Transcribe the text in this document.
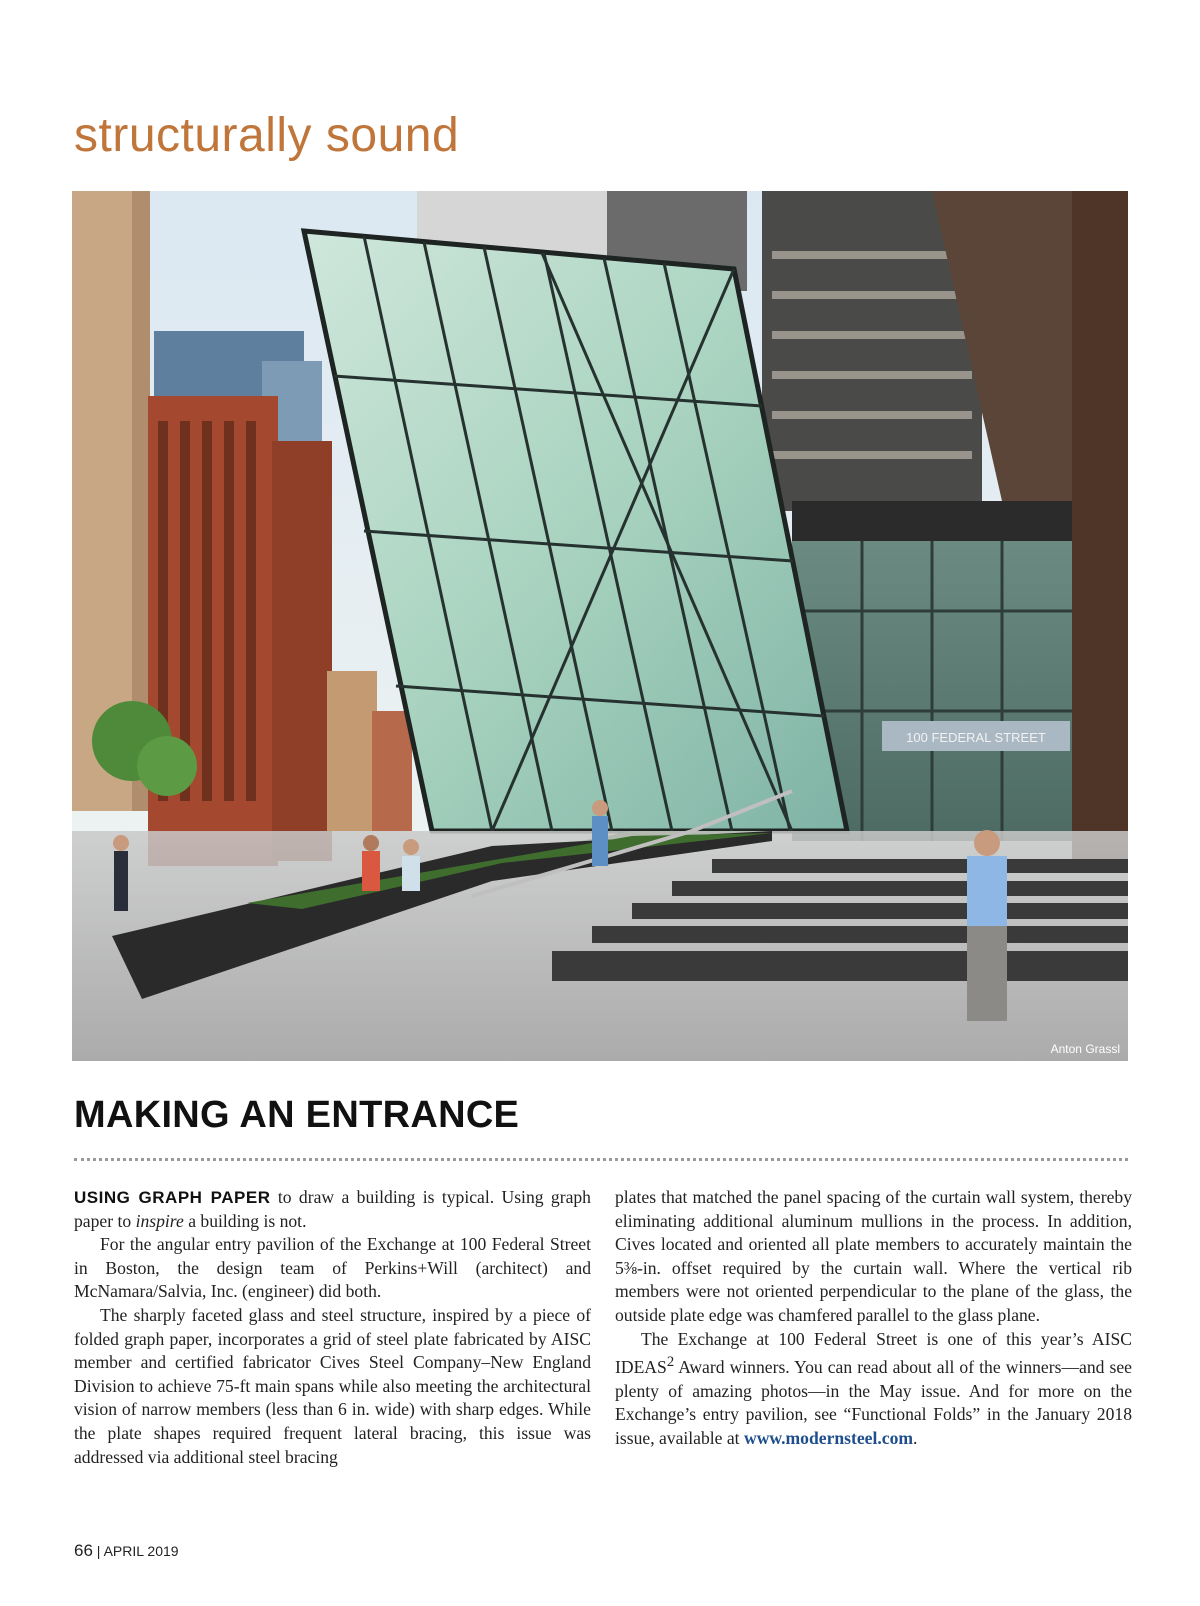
structurally sound
100 FEDERAL STREET
Anton Grassl
MAKING AN ENTRANCE

USING GRAPH PAPER to draw a building is typical. Using graph paper to inspire a building is not.

For the angular entry pavilion of the Exchange at 100 Federal Street in Boston, the design team of Perkins+Will (architect) and McNamara/Salvia, Inc. (engineer) did both.

The sharply faceted glass and steel structure, inspired by a piece of folded graph paper, incorporates a grid of steel plate fabricated by AISC member and certified fabricator Cives Steel Company–New England Division to achieve 75-ft main spans while also meeting the architectural vision of narrow members (less than 6 in. wide) with sharp edges. While the plate shapes required frequent lateral bracing, this issue was addressed via additional steel bracing

plates that matched the panel spacing of the curtain wall system, thereby eliminating additional aluminum mullions in the process. In addition, Cives located and oriented all plate members to accurately maintain the 5⅜-in. offset required by the curtain wall. Where the vertical rib members were not oriented perpendicular to the plane of the glass, the outside plate edge was chamfered parallel to the glass plane.

The Exchange at 100 Federal Street is one of this year’s AISC IDEAS$^2$ Award winners. You can read about all of the winners—and see plenty of amazing photos—in the May issue. And for more on the Exchange’s entry pavilion, see “Functional Folds” in the January 2018 issue, available at www.modernsteel.com.

66 | APRIL 2019
